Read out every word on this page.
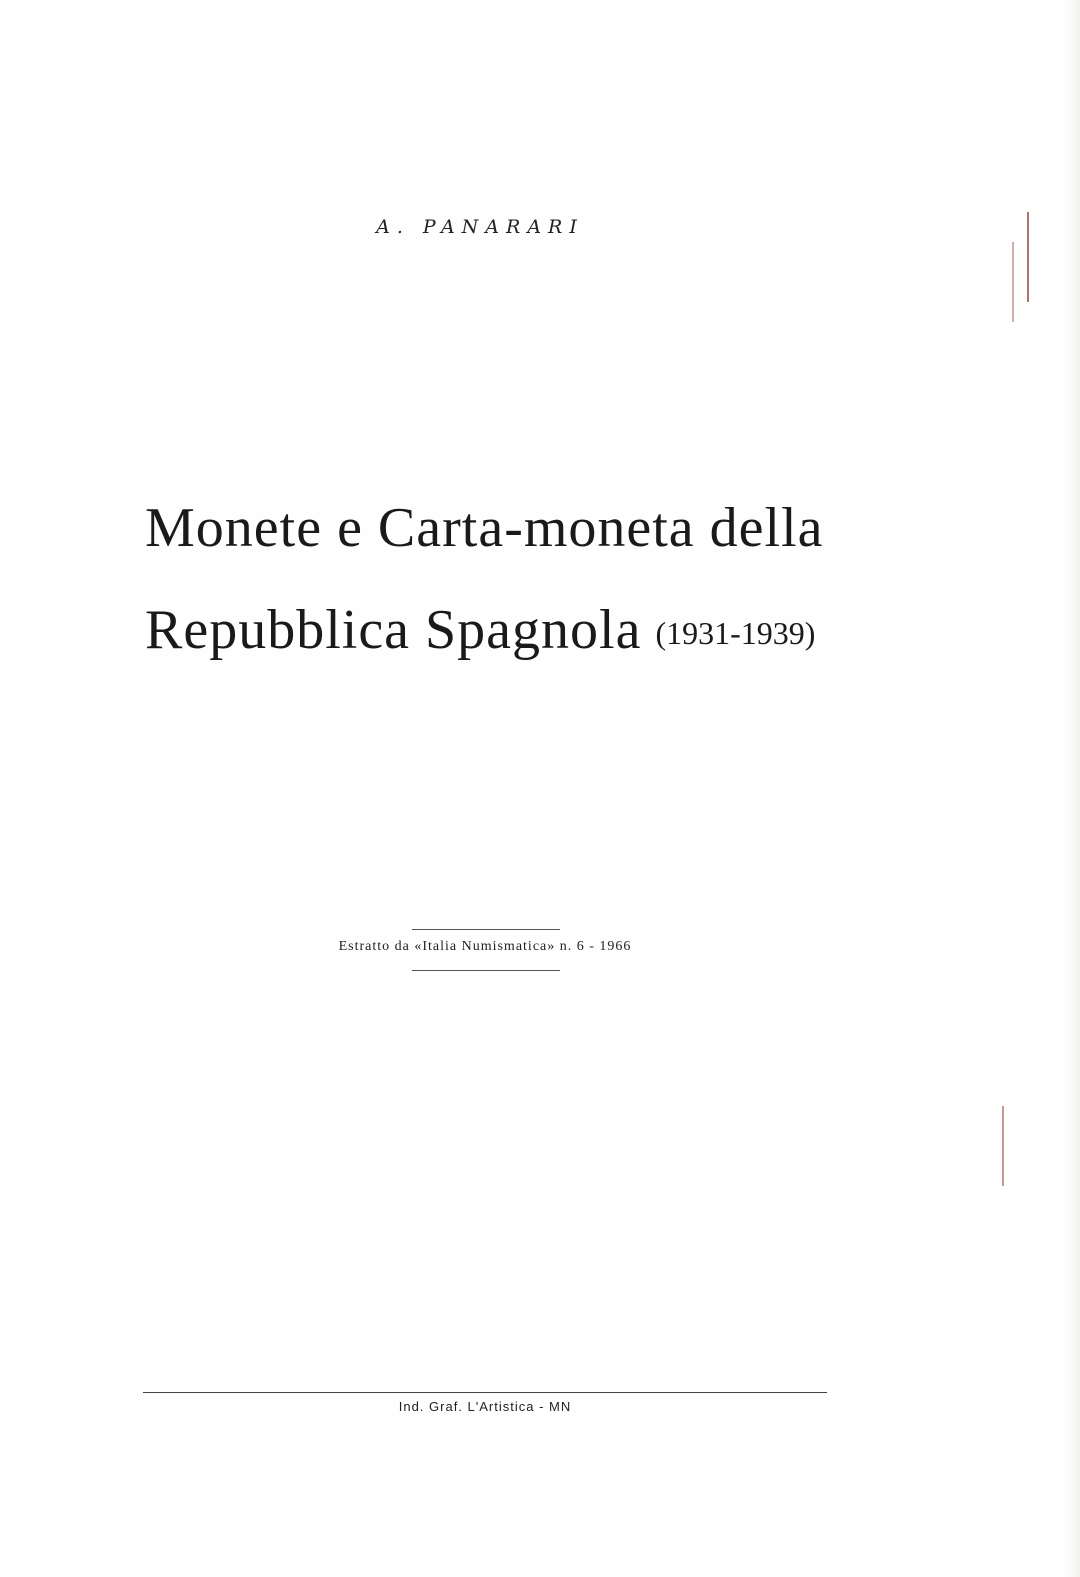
A. PANARARI
Monete e Carta-moneta della
Repubblica Spagnola (1931-1939)
Estratto da «Italia Numismatica» n. 6 - 1966
Ind. Graf. L'Artistica - MN
